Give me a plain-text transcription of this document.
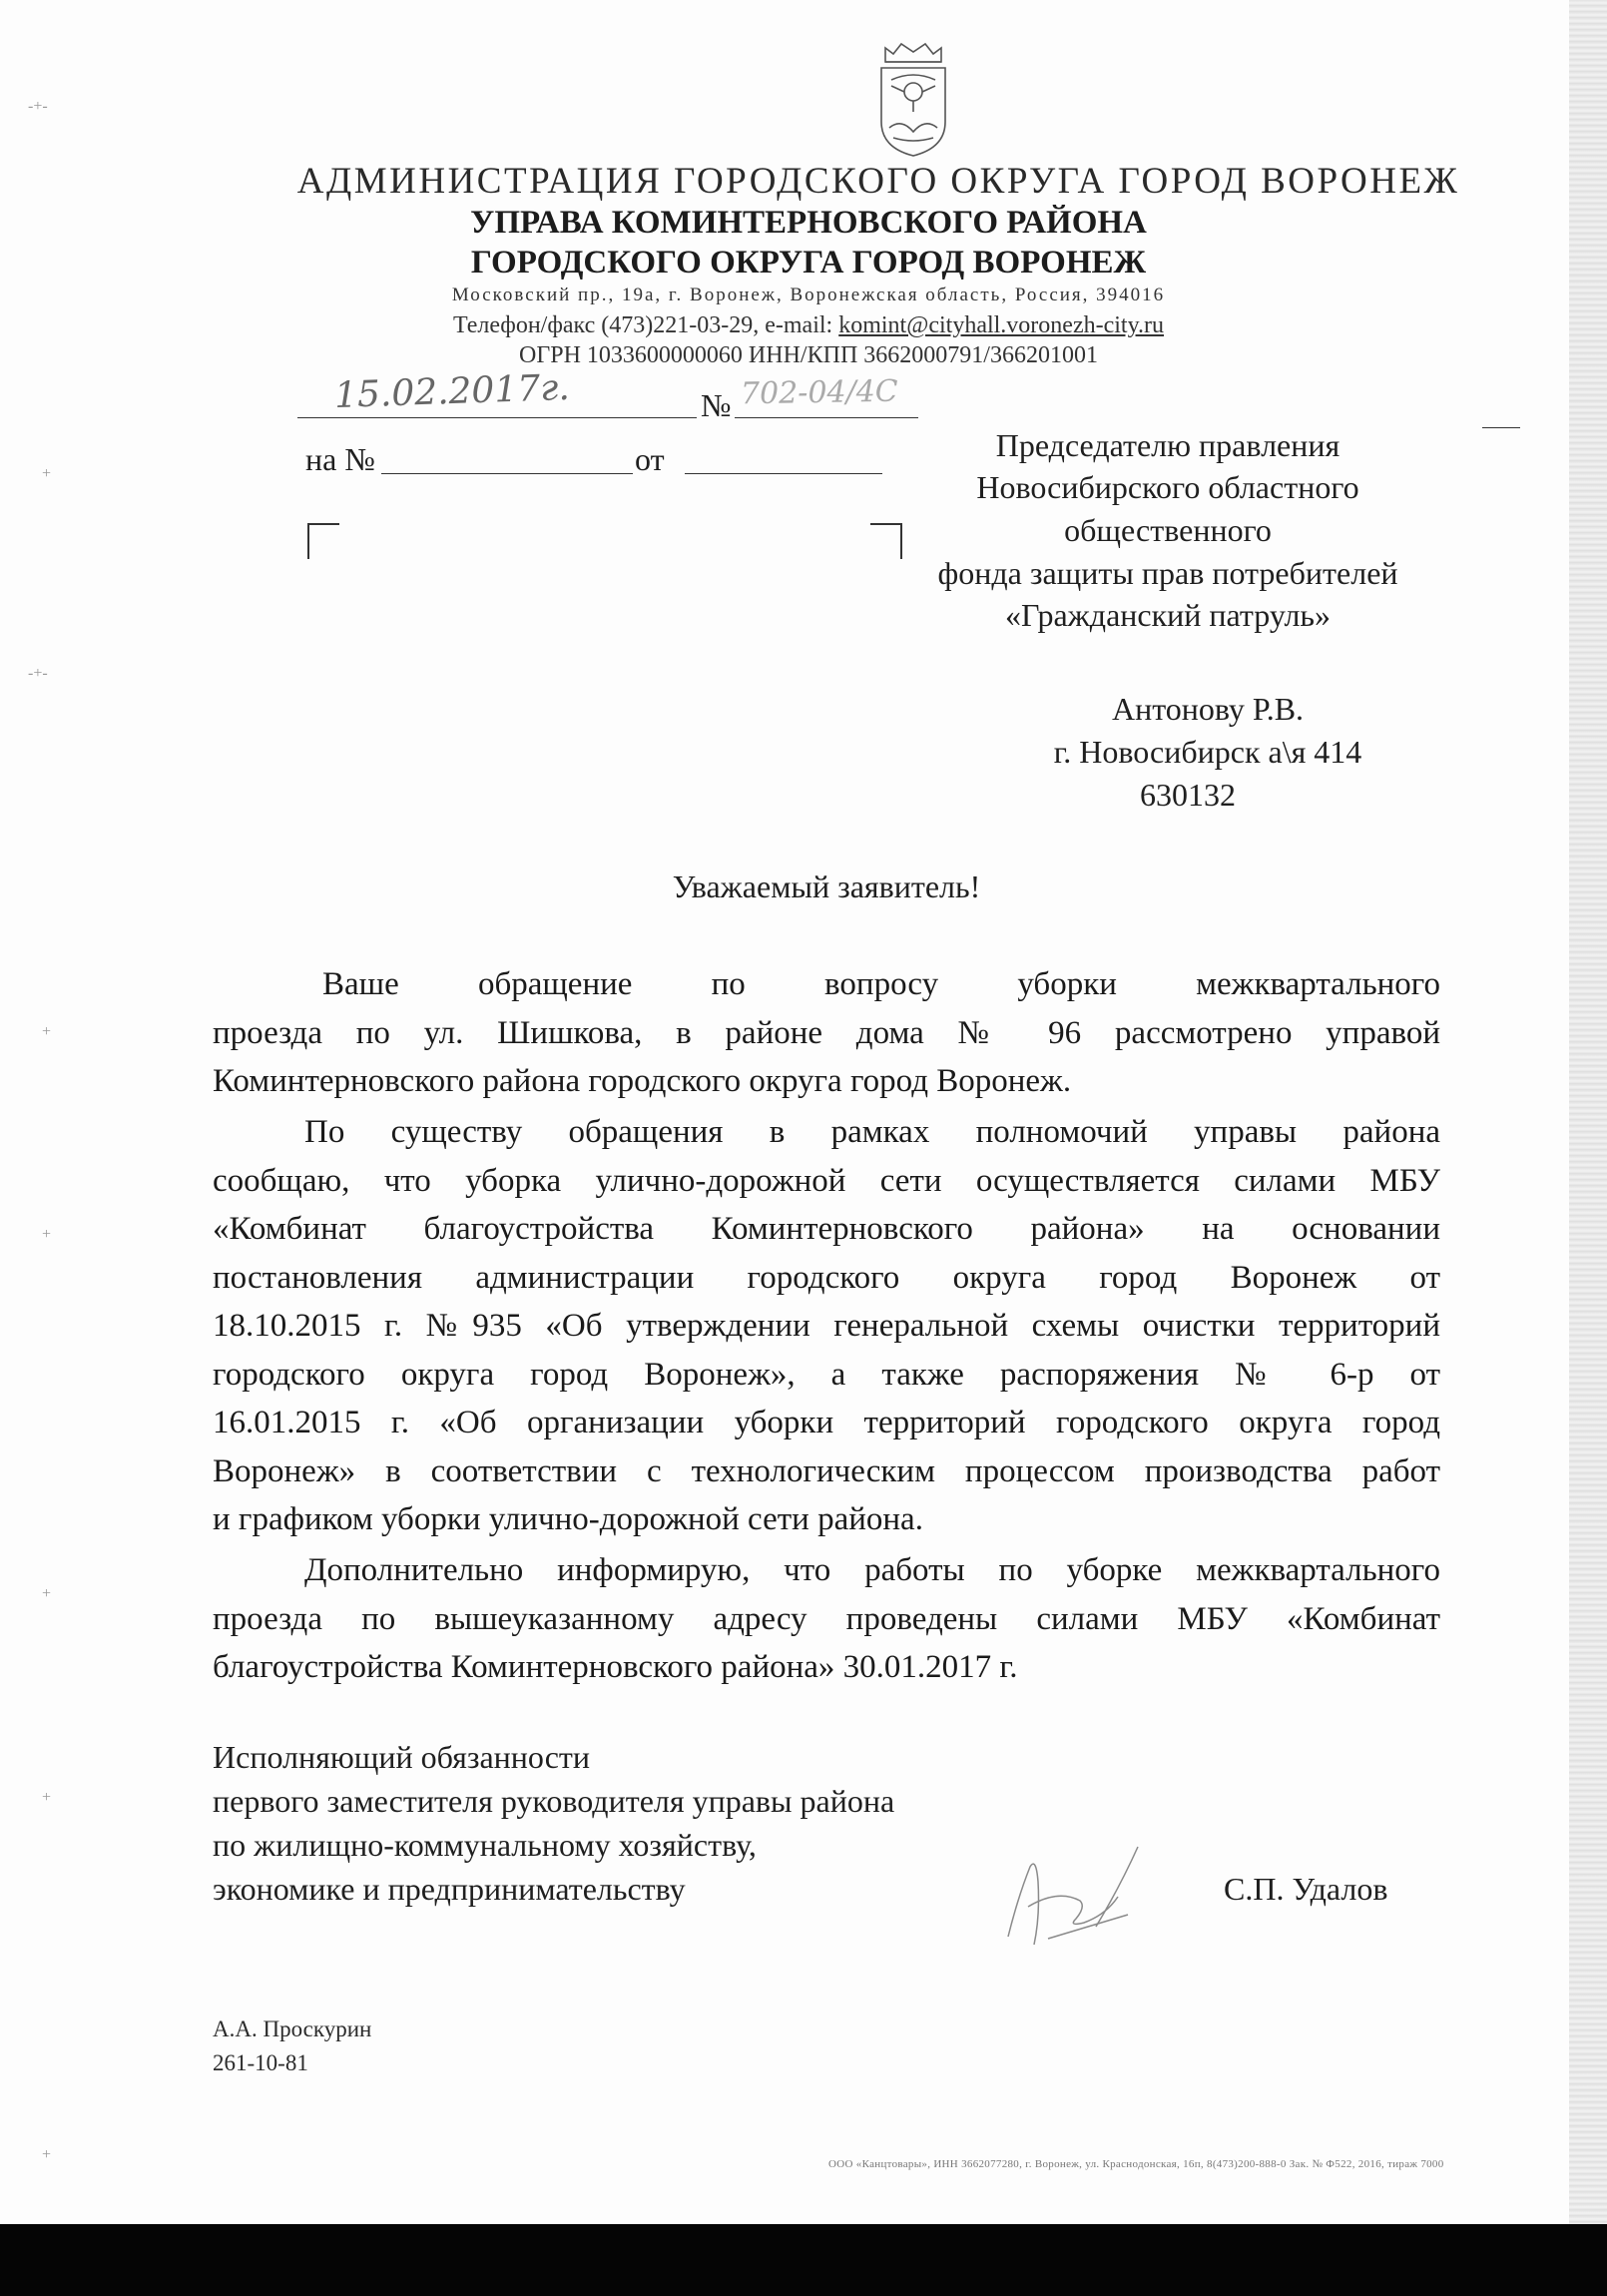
АДМИНИСТРАЦИЯ ГОРОДСКОГО ОКРУГА ГОРОД ВОРОНЕЖ
УПРАВА КОМИНТЕРНОВСКОГО РАЙОНА
ГОРОДСКОГО ОКРУГА ГОРОД ВОРОНЕЖ
Московский пр., 19а, г. Воронеж, Воронежская область, Россия, 394016
Телефон/факс (473)221-03-29, e-mail: komint@cityhall.voronezh-city.ru
ОГРН 1033600000060 ИНН/КПП 3662000791/366201001
15.02.2017г.	№ 702-04/4С
на №	от	Председателю правления
Новосибирского областного
общественного
фонда защиты прав потребителей
«Гражданский патруль»
Антонову Р.В.
г. Новосибирск а\я 414
630132
Уважаемый заявитель!
Ваше обращение по вопросу уборки межквартального
проезда по ул. Шишкова, в районе дома № 96 рассмотрено управой
Коминтерновского района городского округа город Воронеж.
По существу обращения в рамках полномочий управы района
сообщаю, что уборка улично-дорожной сети осуществляется силами МБУ
«Комбинат благоустройства Коминтерновского района» на основании
постановления администрации городского округа город Воронеж от
18.10.2015 г. №935 «Об утверждении генеральной схемы очистки территорий
городского округа город Воронеж», а также распоряжения № 6-р от
16.01.2015 г. «Об организации уборки территорий городского округа город
Воронеж» в соответствии с технологическим процессом производства работ
и графиком уборки улично-дорожной сети района.
Дополнительно информирую, что работы по уборке межквартального
проезда по вышеуказанному адресу проведены силами МБУ «Комбинат
благоустройства Коминтерновского района» 30.01.2017 г.
Исполняющий обязанности
первого заместителя руководителя управы района
по жилищно-коммунальному хозяйству,
экономике и предпринимательству	С.П. Удалов
А.А. Проскурин
261-10-81
ООО «Канцтовары», ИНН 3662077280, г. Воронеж, ул. Краснодонская, 16п, 8(473)200-888-0 Зак. № Ф522, 2016, тираж 7000
-+-
+
-+-
+
+
+
+
+
